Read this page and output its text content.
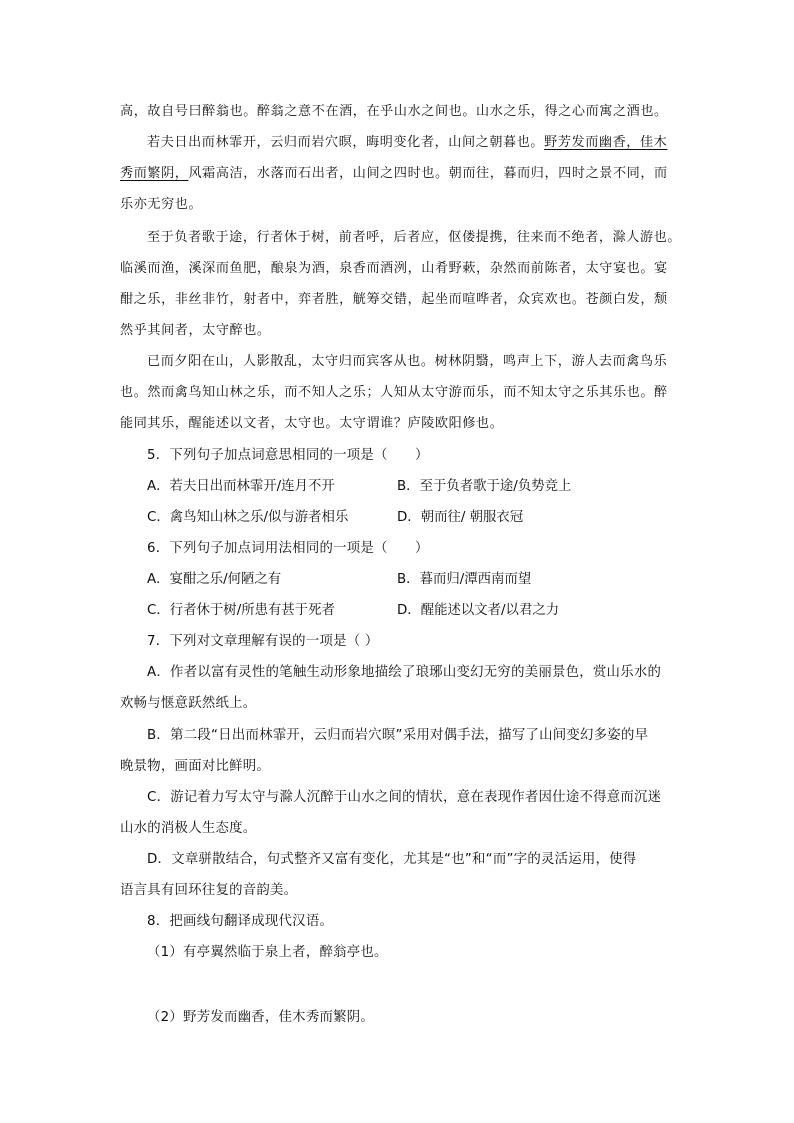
高，故自号曰醉翁也。醉翁之意不在酒，在乎山水之间也。山水之乐，得之心而寓之酒也。
若夫日出而林霏开，云归而岩穴暝，晦明变化者，山间之朝暮也。野芳发而幽香，佳木
秀而繁阴，风霜高洁，水落而石出者，山间之四时也。朝而往，暮而归，四时之景不同，而
乐亦无穷也。
至于负者歌于途，行者休于树，前者呼，后者应，伛偻提携，往来而不绝者，滁人游也。
临溪而渔，溪深而鱼肥，酿泉为酒，泉香而酒洌，山肴野蔌，杂然而前陈者，太守宴也。宴
酣之乐，非丝非竹，射者中，弈者胜，觥筹交错，起坐而喧哗者，众宾欢也。苍颜白发，颓
然乎其间者，太守醉也。
已而夕阳在山，人影散乱，太守归而宾客从也。树林阴翳，鸣声上下，游人去而禽鸟乐
也。然而禽鸟知山林之乐，而不知人之乐；人知从太守游而乐，而不知太守之乐其乐也。醉
能同其乐，醒能述以文者，太守也。太守谓谁？庐陵欧阳修也。
5．下列句子加点词意思相同的一项是（　　）
A．若夫日出而林霏开/连月不开	B．至于负者歌于途/负势竞上
C．禽鸟知山林之乐/似与游者相乐	D．朝而往/ 朝服衣冠
6．下列句子加点词用法相同的一项是（　　）
A．宴酣之乐/何陋之有	B．暮而归/潭西南而望
C．行者休于树/所患有甚于死者	D．醒能述以文者/以君之力
7．下列对文章理解有误的一项是（ ）
A．作者以富有灵性的笔触生动形象地描绘了琅琊山变幻无穷的美丽景色，赏山乐水的
欢畅与惬意跃然纸上。
B．第二段“日出而林霏开，云归而岩穴暝”采用对偶手法，描写了山间变幻多姿的早
晚景物，画面对比鲜明。
C．游记着力写太守与滁人沉醉于山水之间的情状，意在表现作者因仕途不得意而沉迷
山水的消极人生态度。
D．文章骈散结合，句式整齐又富有变化，尤其是“也”和“而”字的灵活运用，使得
语言具有回环往复的音韵美。
8．把画线句翻译成现代汉语。
（1）有亭翼然临于泉上者，醉翁亭也。
（2）野芳发而幽香，佳木秀而繁阴。
